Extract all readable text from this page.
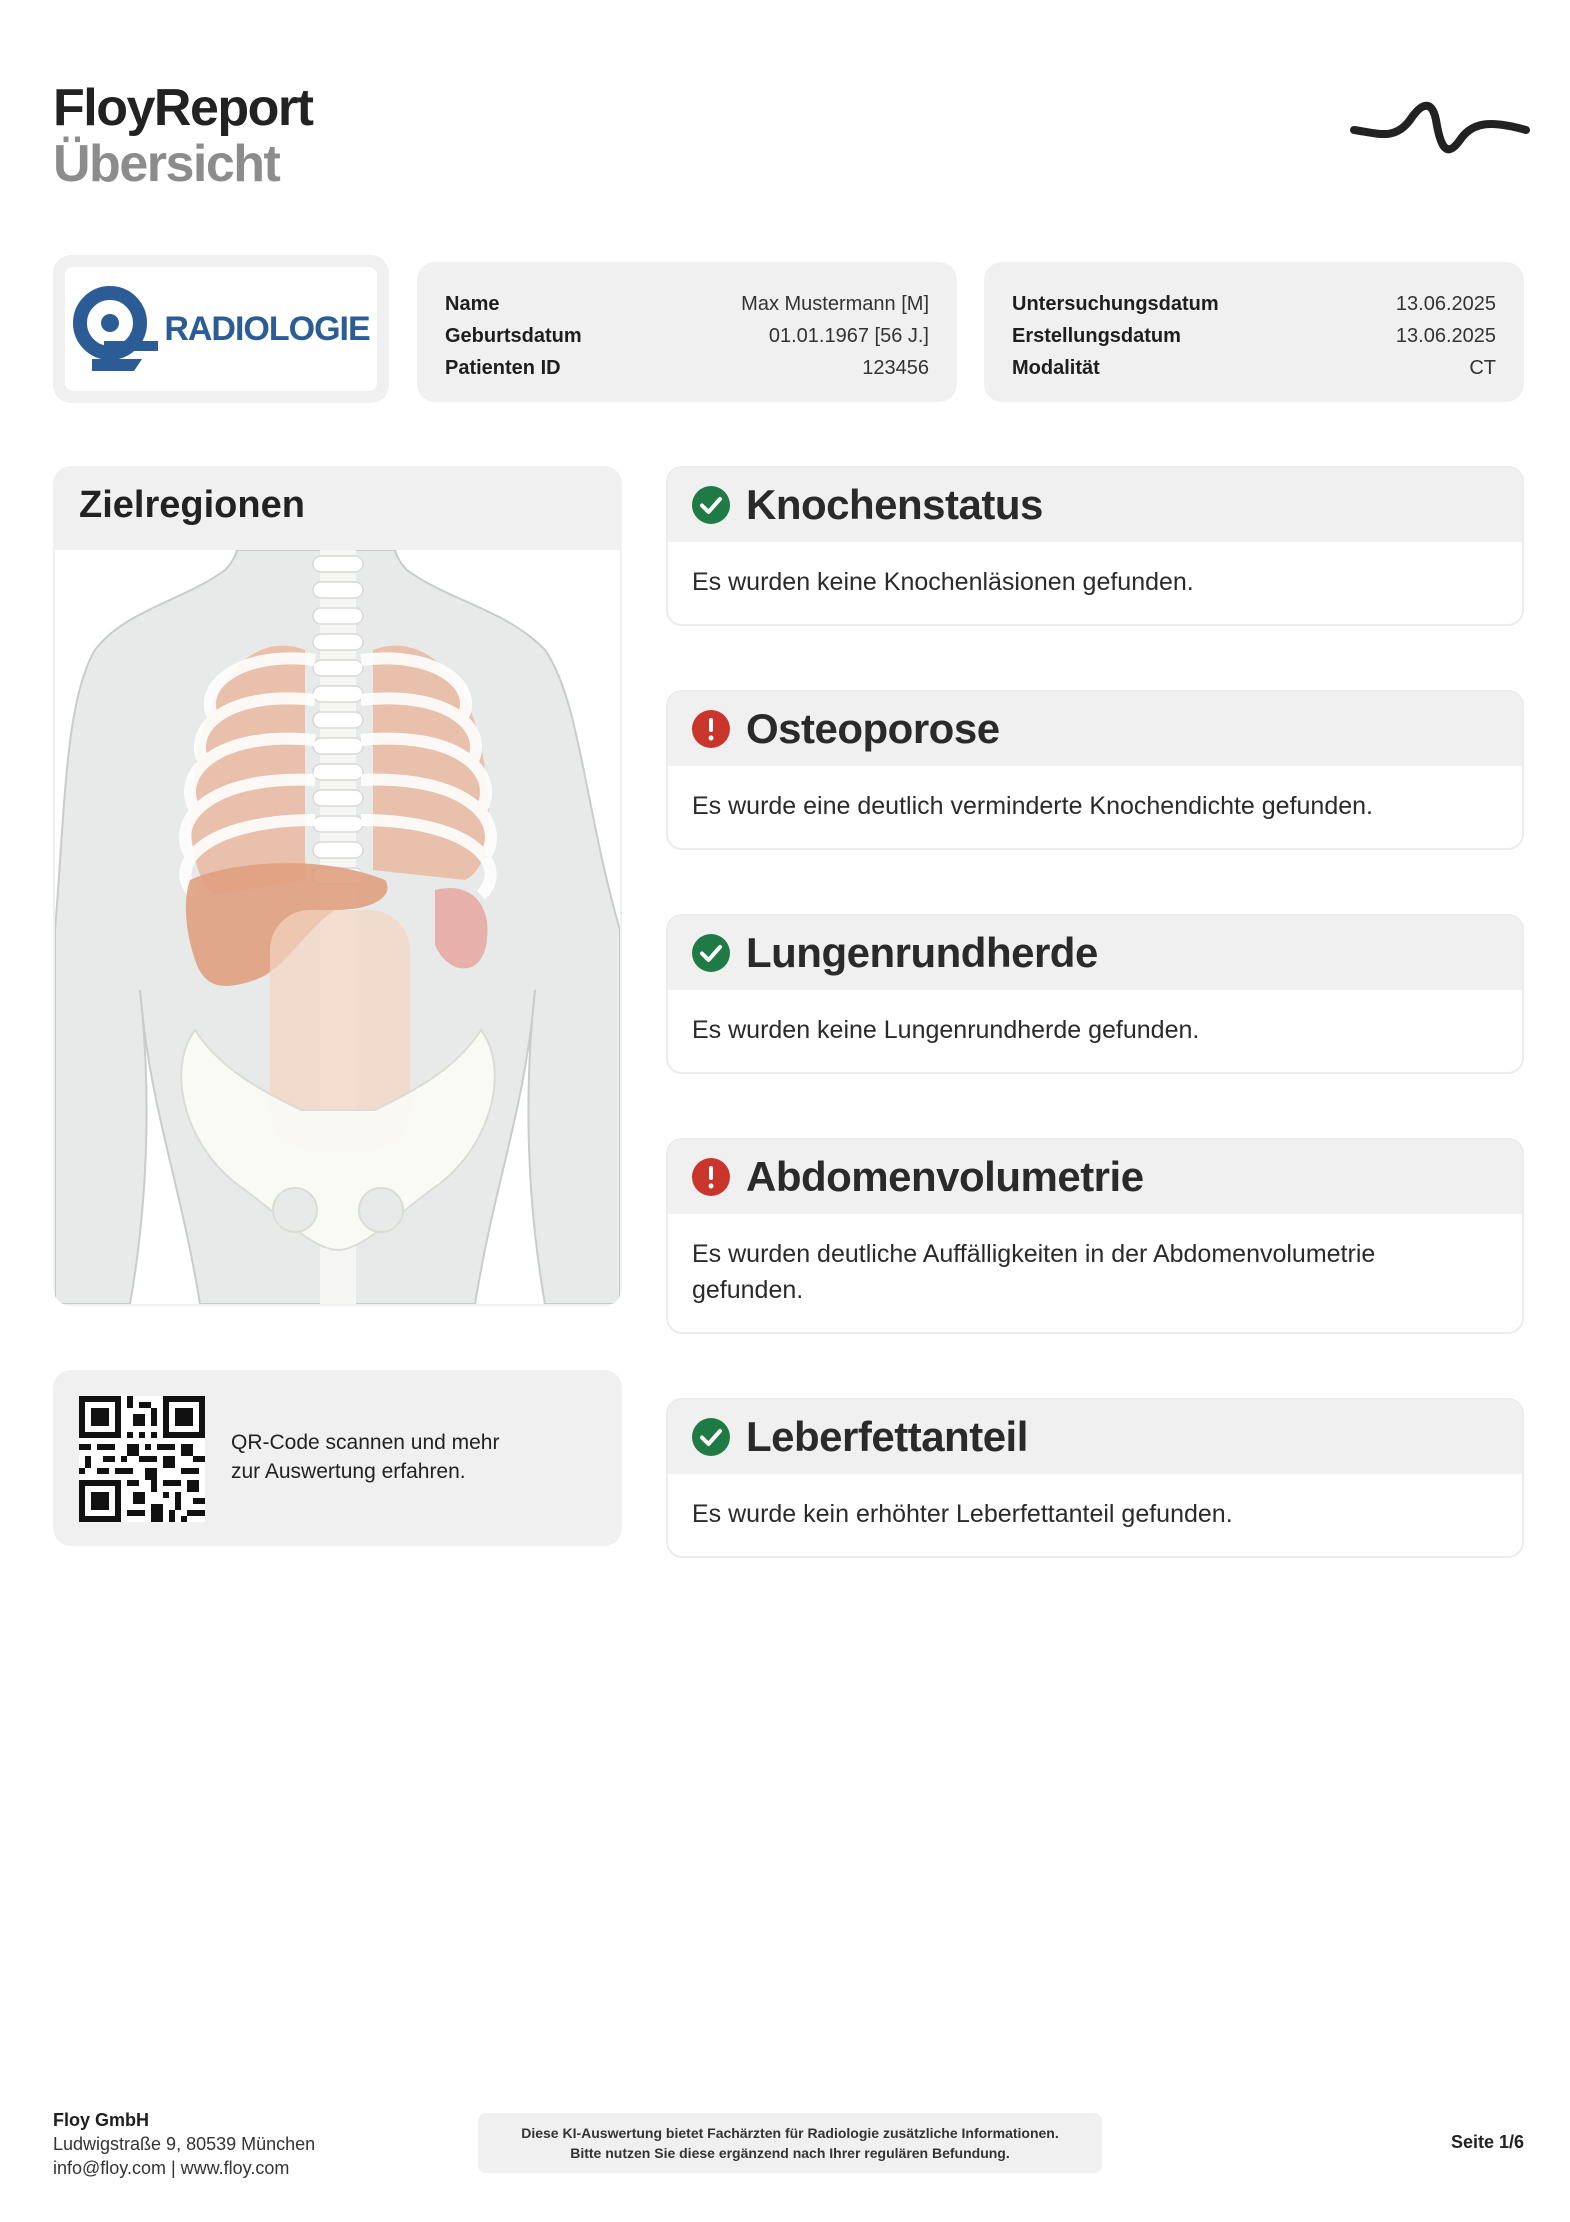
FloyReport
Übersicht
RADIOLOGIE
Name	Max Mustermann [M]
Geburtsdatum	01.01.1967 [56 J.]
Patienten ID	123456
Untersuchungsdatum	13.06.2025
Erstellungsdatum	13.06.2025
Modalität	CT
Zielregionen
QR-Code scannen und mehr
zur Auswertung erfahren.
Knochenstatus
Es wurden keine Knochenläsionen gefunden.
Osteoporose
Es wurde eine deutlich verminderte Knochendichte gefunden.
Lungenrundherde
Es wurden keine Lungenrundherde gefunden.
Abdomenvolumetrie
Es wurden deutliche Auffälligkeiten in der Abdomenvolumetrie gefunden.
Leberfettanteil
Es wurde kein erhöhter Leberfettanteil gefunden.
Floy GmbH
Ludwigstraße 9, 80539 München
info@floy.com | www.floy.com
Diese KI-Auswertung bietet Fachärzten für Radiologie zusätzliche Informationen.
Bitte nutzen Sie diese ergänzend nach Ihrer regulären Befundung.
Seite 1/6
